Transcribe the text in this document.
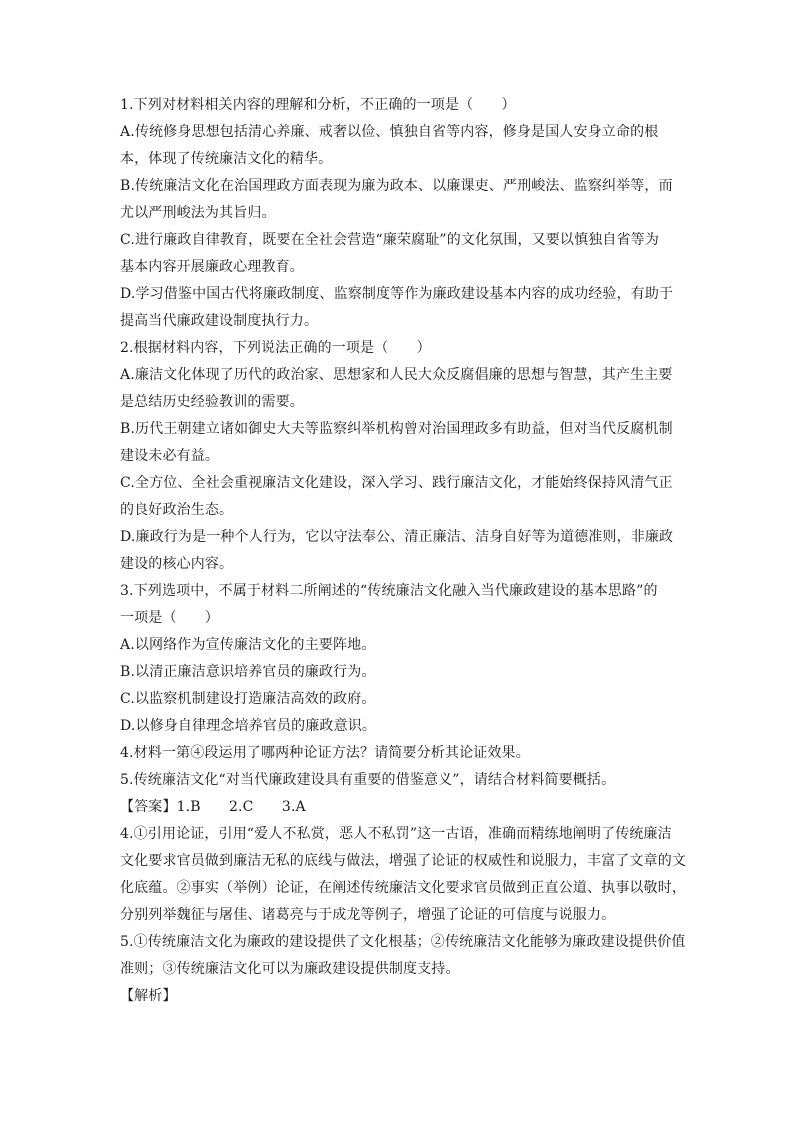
1.下列对材料相关内容的理解和分析，不正确的一项是（　　）
A.传统修身思想包括清心养廉、戒奢以俭、慎独自省等内容，修身是国人安身立命的根
本，体现了传统廉洁文化的精华。
B.传统廉洁文化在治国理政方面表现为廉为政本、以廉课吏、严刑峻法、监察纠举等，而
尤以严刑峻法为其旨归。
C.进行廉政自律教育，既要在全社会营造“廉荣腐耻”的文化氛围，又要以慎独自省等为
基本内容开展廉政心理教育。
D.学习借鉴中国古代将廉政制度、监察制度等作为廉政建设基本内容的成功经验，有助于
提高当代廉政建设制度执行力。
2.根据材料内容，下列说法正确的一项是（　　）
A.廉洁文化体现了历代的政治家、思想家和人民大众反腐倡廉的思想与智慧，其产生主要
是总结历史经验教训的需要。
B.历代王朝建立诸如御史大夫等监察纠举机构曾对治国理政多有助益，但对当代反腐机制
建设未必有益。
C.全方位、全社会重视廉洁文化建设，深入学习、践行廉洁文化，才能始终保持风清气正
的良好政治生态。
D.廉政行为是一种个人行为，它以守法奉公、清正廉洁、洁身自好等为道德准则，非廉政
建设的核心内容。
3.下列选项中，不属于材料二所阐述的“传统廉洁文化融入当代廉政建设的基本思路”的
一项是（　　）
A.以网络作为宣传廉洁文化的主要阵地。
B.以清正廉洁意识培养官员的廉政行为。
C.以监察机制建设打造廉洁高效的政府。
D.以修身自律理念培养官员的廉政意识。
4.材料一第④段运用了哪两种论证方法？请简要分析其论证效果。
5.传统廉洁文化“对当代廉政建设具有重要的借鉴意义”，请结合材料简要概括。
【答案】1.B　　2.C　　3.A
4.①引用论证，引用“爱人不私赏，恶人不私罚”这一古语，准确而精练地阐明了传统廉洁
文化要求官员做到廉洁无私的底线与做法，增强了论证的权威性和说服力，丰富了文章的文
化底蕴。②事实（举例）论证，在阐述传统廉洁文化要求官员做到正直公道、执事以敬时，
分别列举魏征与屠佳、诸葛亮与于成龙等例子，增强了论证的可信度与说服力。
5.①传统廉洁文化为廉政的建设提供了文化根基；②传统廉洁文化能够为廉政建设提供价值
准则；③传统廉洁文化可以为廉政建设提供制度支持。
【解析】
